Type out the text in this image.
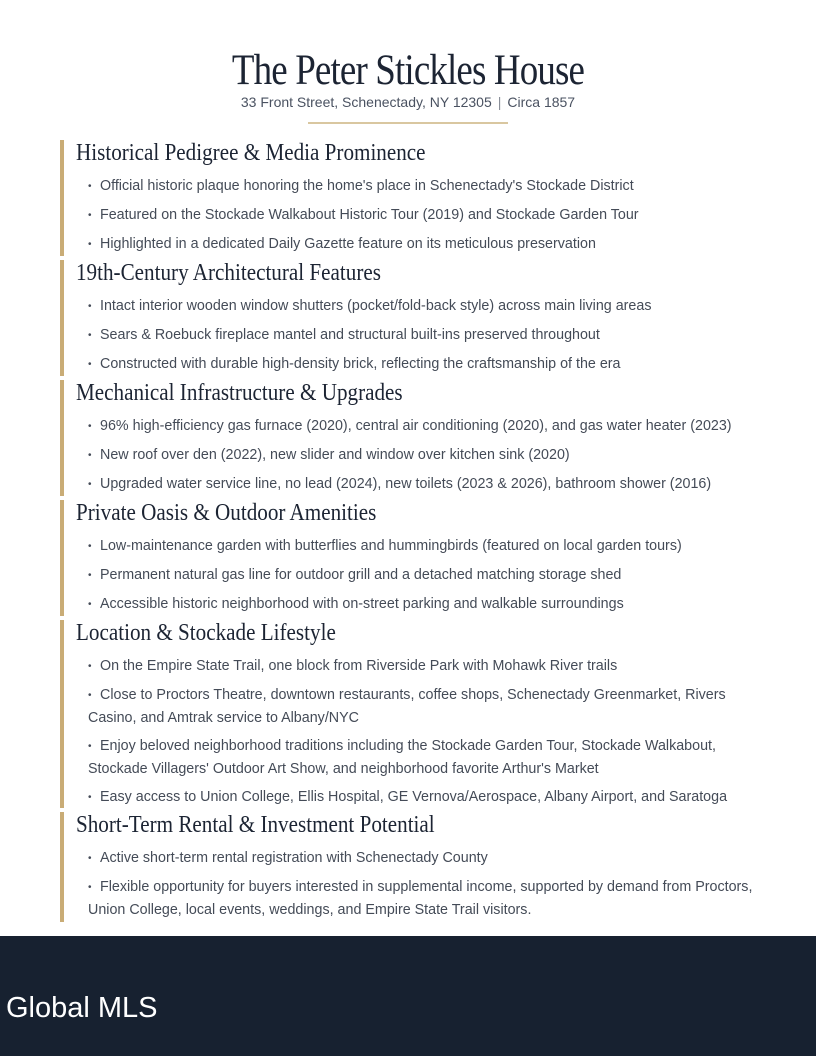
The Peter Stickles House
33 Front Street, Schenectady, NY 12305 | Circa 1857
Historical Pedigree & Media Prominence
• Official historic plaque honoring the home's place in Schenectady's Stockade District
• Featured on the Stockade Walkabout Historic Tour (2019) and Stockade Garden Tour
• Highlighted in a dedicated Daily Gazette feature on its meticulous preservation
19th-Century Architectural Features
• Intact interior wooden window shutters (pocket/fold-back style) across main living areas
• Sears & Roebuck fireplace mantel and structural built-ins preserved throughout
• Constructed with durable high-density brick, reflecting the craftsmanship of the era
Mechanical Infrastructure & Upgrades
• 96% high-efficiency gas furnace (2020), central air conditioning (2020), and gas water heater (2023)
• New roof over den (2022), new slider and window over kitchen sink (2020)
• Upgraded water service line, no lead (2024), new toilets (2023 & 2026), bathroom shower (2016)
Private Oasis & Outdoor Amenities
• Low-maintenance garden with butterflies and hummingbirds (featured on local garden tours)
• Permanent natural gas line for outdoor grill and a detached matching storage shed
• Accessible historic neighborhood with on-street parking and walkable surroundings
Location & Stockade Lifestyle
• On the Empire State Trail, one block from Riverside Park with Mohawk River trails
• Close to Proctors Theatre, downtown restaurants, coffee shops, Schenectady Greenmarket, Rivers Casino, and Amtrak service to Albany/NYC
• Enjoy beloved neighborhood traditions including the Stockade Garden Tour, Stockade Walkabout, Stockade Villagers' Outdoor Art Show, and neighborhood favorite Arthur's Market
• Easy access to Union College, Ellis Hospital, GE Vernova/Aerospace, Albany Airport, and Saratoga
Short-Term Rental & Investment Potential
• Active short-term rental registration with Schenectady County
• Flexible opportunity for buyers interested in supplemental income, supported by demand from Proctors, Union College, local events, weddings, and Empire State Trail visitors.
Global MLS
